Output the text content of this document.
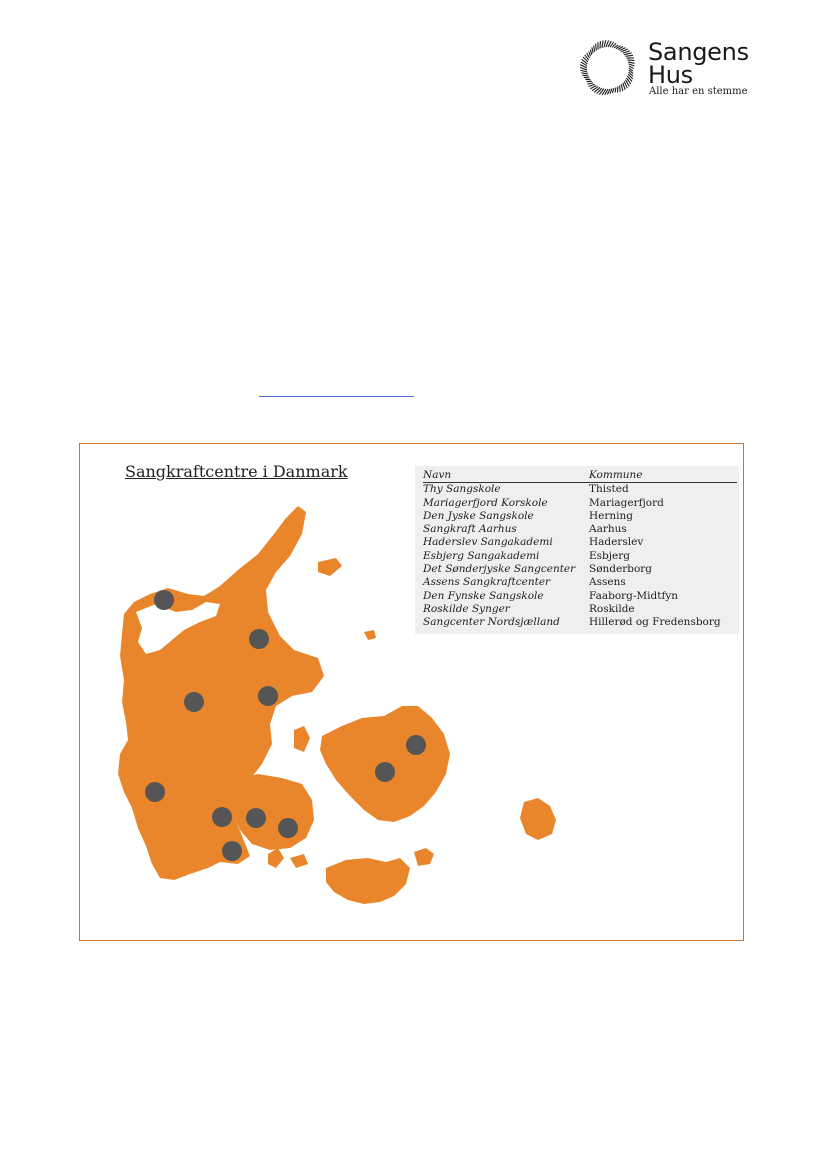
Sangens
Hus
Alle har en stemme
Sangkraftcentre i Danmark	Navn	Kommune
Thy Sangskole	Thisted
Mariagerfjord Korskole	Mariagerfjord
Den Jyske Sangskole	Herning
Sangkraft Aarhus	Aarhus
Haderslev Sangakademi	Haderslev
Esbjerg Sangakademi	Esbjerg
Det Sønderjyske Sangcenter	Sønderborg
Assens Sangkraftcenter	Assens
Den Fynske Sangskole	Faaborg-Midtfyn
Roskilde Synger	Roskilde
Sangcenter Nordsjælland	Hillerød og Fredensborg
